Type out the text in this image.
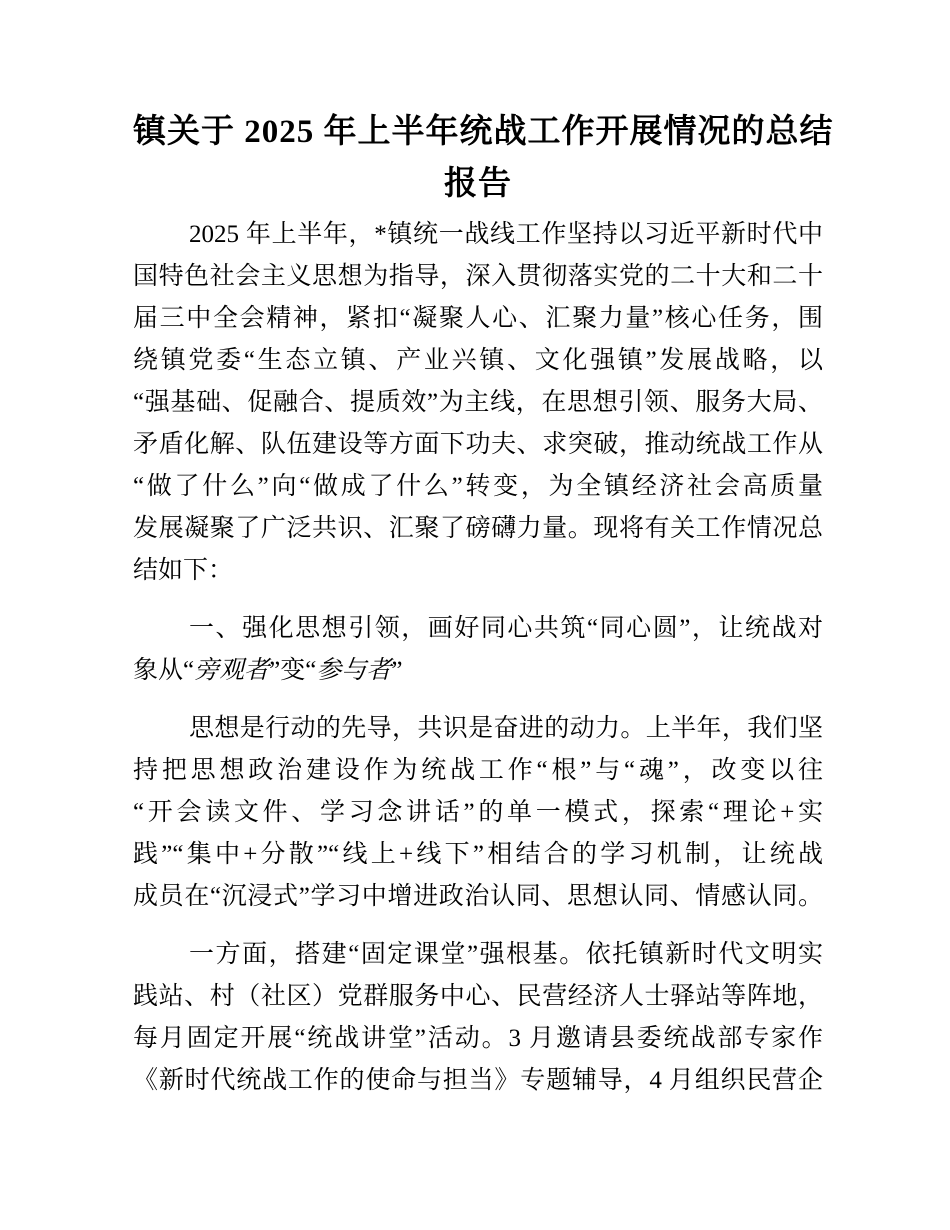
镇关于 2025 年上半年统战工作开展情况的总结
报告
2025 年上半年，*镇统一战线工作坚持以习近平新时代中
国特色社会主义思想为指导，深入贯彻落实党的二十大和二十
届三中全会精神，紧扣“凝聚人心、汇聚力量”核心任务，围
绕镇党委“生态立镇、产业兴镇、文化强镇”发展战略，以
“强基础、促融合、提质效”为主线，在思想引领、服务大局、
矛盾化解、队伍建设等方面下功夫、求突破，推动统战工作从
“做了什么”向“做成了什么”转变，为全镇经济社会高质量
发展凝聚了广泛共识、汇聚了磅礴力量。现将有关工作情况总
结如下：
一、强化思想引领，画好同心共筑“同心圆”，让统战对
象从“旁观者”变“参与者”
思想是行动的先导，共识是奋进的动力。上半年，我们坚
持把思想政治建设作为统战工作“根”与“魂”，改变以往
“开会读文件、学习念讲话”的单一模式，探索“理论+实
践”“集中+分散”“线上+线下”相结合的学习机制，让统战
成员在“沉浸式”学习中增进政治认同、思想认同、情感认同。
一方面，搭建“固定课堂”强根基。依托镇新时代文明实
践站、村（社区）党群服务中心、民营经济人士驿站等阵地，
每月固定开展“统战讲堂”活动。3 月邀请县委统战部专家作
《新时代统战工作的使命与担当》专题辅导，4 月组织民营企
